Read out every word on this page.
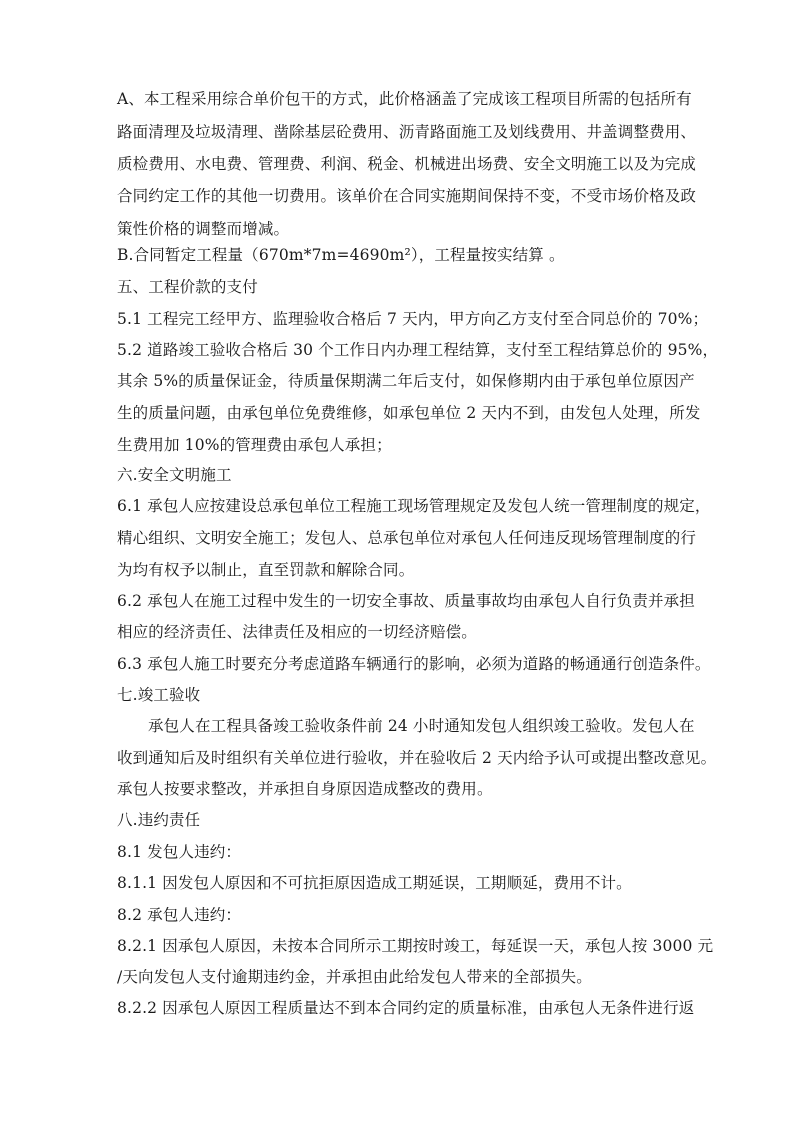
A、本工程采用综合单价包干的方式，此价格涵盖了完成该工程项目所需的包括所有
路面清理及垃圾清理、凿除基层砼费用、沥青路面施工及划线费用、井盖调整费用、
质检费用、水电费、管理费、利润、税金、机械进出场费、安全文明施工以及为完成
合同约定工作的其他一切费用。该单价在合同实施期间保持不变，不受市场价格及政
策性价格的调整而增减。
B.合同暂定工程量（670m*7m=4690m²），工程量按实结算 。
五、工程价款的支付
5.1 工程完工经甲方、监理验收合格后 7 天内，甲方向乙方支付至合同总价的 70%；
5.2 道路竣工验收合格后 30 个工作日内办理工程结算，支付至工程结算总价的 95%，
其余 5%的质量保证金，待质量保期满二年后支付，如保修期内由于承包单位原因产
生的质量问题，由承包单位免费维修，如承包单位 2 天内不到，由发包人处理，所发
生费用加 10%的管理费由承包人承担；
六.安全文明施工
6.1 承包人应按建设总承包单位工程施工现场管理规定及发包人统一管理制度的规定，
精心组织、文明安全施工；发包人、总承包单位对承包人任何违反现场管理制度的行
为均有权予以制止，直至罚款和解除合同。
6.2 承包人在施工过程中发生的一切安全事故、质量事故均由承包人自行负责并承担
相应的经济责任、法律责任及相应的一切经济赔偿。
6.3 承包人施工时要充分考虑道路车辆通行的影响，必须为道路的畅通通行创造条件。
七.竣工验收
承包人在工程具备竣工验收条件前 24 小时通知发包人组织竣工验收。发包人在
收到通知后及时组织有关单位进行验收，并在验收后 2 天内给予认可或提出整改意见。
承包人按要求整改，并承担自身原因造成整改的费用。
八.违约责任
8.1 发包人违约：
8.1.1 因发包人原因和不可抗拒原因造成工期延误，工期顺延，费用不计。
8.2 承包人违约：
8.2.1 因承包人原因，未按本合同所示工期按时竣工，每延误一天，承包人按 3000 元
/天向发包人支付逾期违约金，并承担由此给发包人带来的全部损失。
8.2.2 因承包人原因工程质量达不到本合同约定的质量标准，由承包人无条件进行返
